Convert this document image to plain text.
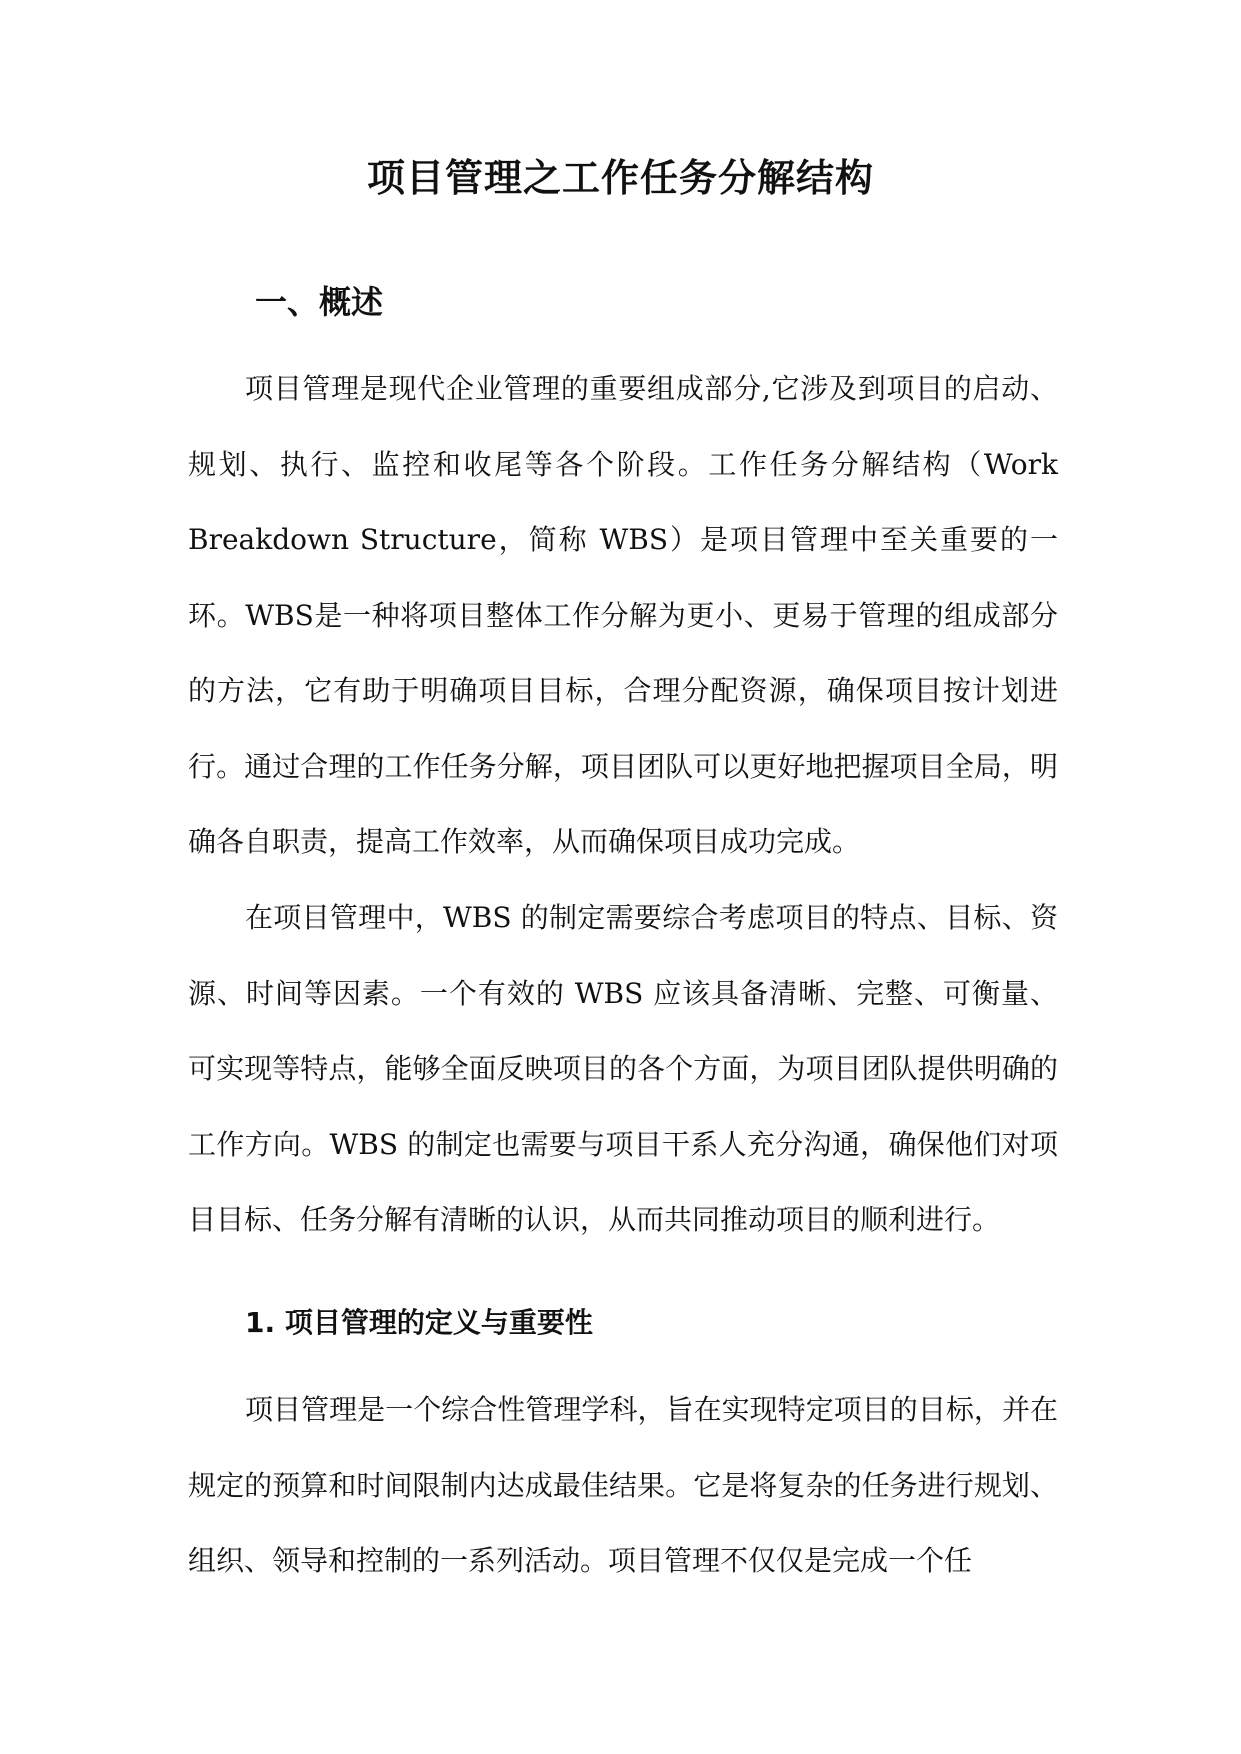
项目管理之工作任务分解结构
一、概述

项目管理是现代企业管理的重要组成部分,它涉及到项目的启动、规划、执行、监控和收尾等各个阶段。工作任务分解结构（Work Breakdown Structure，简称 WBS）是项目管理中至关重要的一环。WBS是一种将项目整体工作分解为更小、更易于管理的组成部分的方法，它有助于明确项目目标，合理分配资源，确保项目按计划进行。通过合理的工作任务分解，项目团队可以更好地把握项目全局，明确各自职责，提高工作效率，从而确保项目成功完成。

在项目管理中，WBS 的制定需要综合考虑项目的特点、目标、资源、时间等因素。一个有效的 WBS 应该具备清晰、完整、可衡量、可实现等特点，能够全面反映项目的各个方面，为项目团队提供明确的工作方向。WBS 的制定也需要与项目干系人充分沟通，确保他们对项目目标、任务分解有清晰的认识，从而共同推动项目的顺利进行。

1. 项目管理的定义与重要性

项目管理是一个综合性管理学科，旨在实现特定项目的目标，并在规定的预算和时间限制内达成最佳结果。它是将复杂的任务进行规划、组织、领导和控制的一系列活动。项目管理不仅仅是完成一个任
